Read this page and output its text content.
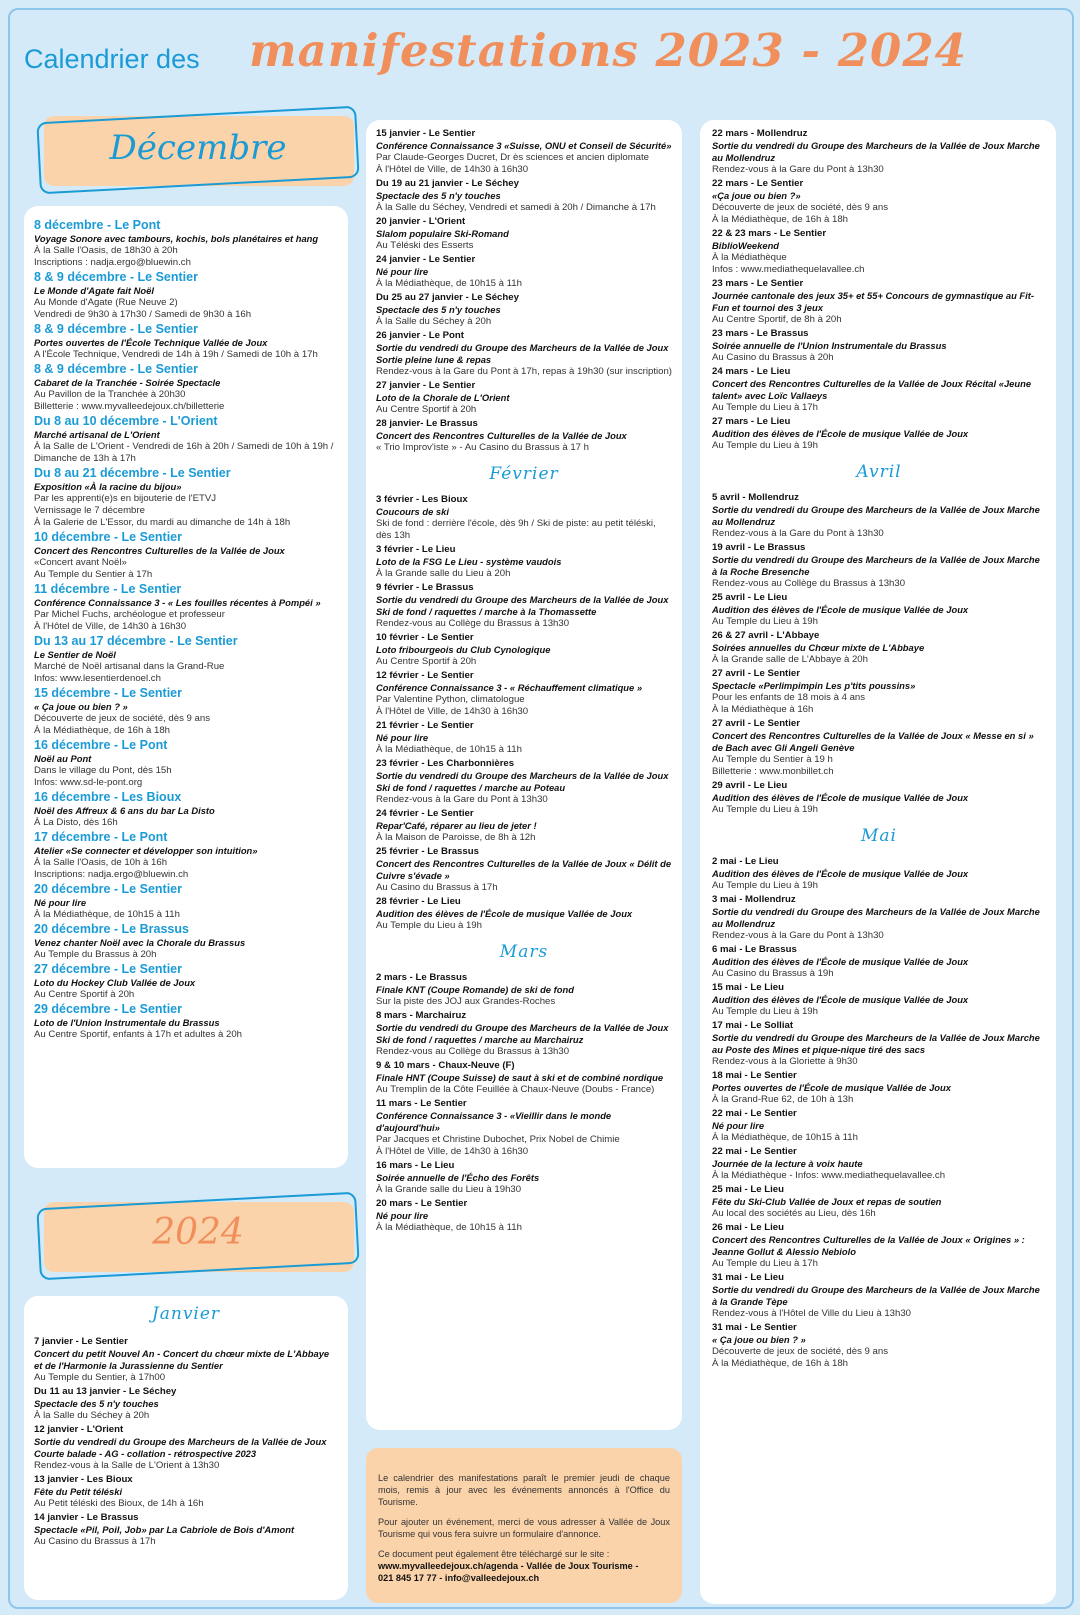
Calendrier des manifestations 2023 - 2024
Décembre
8 décembre - Le Pont
Voyage Sonore avec tambours, kochis, bols planétaires et hang
À la Salle l'Oasis, de 18h30 à 20h
Inscriptions : nadja.ergo@bluewin.ch
8 & 9 décembre - Le Sentier
Le Monde d'Agate fait Noël
Au Monde d'Agate (Rue Neuve 2)
Vendredi de 9h30 à 17h30 / Samedi de 9h30 à 16h
8 & 9 décembre - Le Sentier
Portes ouvertes de l'École Technique Vallée de Joux
A l'École Technique, Vendredi de 14h à 19h / Samedi de 10h à 17h
8 & 9 décembre - Le Sentier
Cabaret de la Tranchée - Soirée Spectacle
Au Pavillon de la Tranchée à 20h30
Billetterie : www.myvalleedejoux.ch/billetterie
Du 8 au 10 décembre - L'Orient
Marché artisanal de L'Orient
À la Salle de L'Orient - Vendredi de 16h à 20h / Samedi de 10h à 19h /
Dimanche de 13h à 17h
Du 8 au 21 décembre - Le Sentier
Exposition «À la racine du bijou»
Par les apprenti(e)s en bijouterie de l'ETVJ
Vernissage le 7 décembre
À la Galerie de L'Essor, du mardi au dimanche de 14h à 18h
10 décembre - Le Sentier
Concert des Rencontres Culturelles de la Vallée de Joux
«Concert avant Noël»
Au Temple du Sentier à 17h
11 décembre - Le Sentier
Conférence Connaissance 3 - « Les fouilles récentes à Pompéi »
Par Michel Fuchs, archéologue et professeur
À l'Hôtel de Ville, de 14h30 à 16h30
Du 13 au 17 décembre - Le Sentier
Le Sentier de Noël
Marché de Noël artisanal dans la Grand-Rue
Infos: www.lesentierdenoel.ch
15 décembre - Le Sentier
« Ça joue ou bien ? »
Découverte de jeux de société, dès 9 ans
À la Médiathèque, de 16h à 18h
16 décembre - Le Pont
Noël au Pont
Dans le village du Pont, dès 15h
Infos: www.sd-le-pont.org
16 décembre - Les Bioux
Noël des Affreux & 6 ans du bar La Disto
À La Disto, dès 16h
17 décembre - Le Pont
Atelier «Se connecter et développer son intuition»
À la Salle l'Oasis, de 10h à 16h
Inscriptions: nadja.ergo@bluewin.ch
20 décembre - Le Sentier
Né pour lire
À la Médiathèque, de 10h15 à 11h
20 décembre - Le Brassus
Venez chanter Noël avec la Chorale du Brassus
Au Temple du Brassus à 20h
27 décembre - Le Sentier
Loto du Hockey Club Vallée de Joux
Au Centre Sportif à 20h
29 décembre - Le Sentier
Loto de l'Union Instrumentale du Brassus
Au Centre Sportif, enfants à 17h et adultes à 20h
2024
Janvier
7 janvier - Le Sentier
Concert du petit Nouvel An - Concert du chœur mixte de L'Abbaye et de l'Harmonie la Jurassienne du Sentier
Au Temple du Sentier, à 17h00
Du 11 au 13 janvier - Le Séchey
Spectacle des 5 n'y touches
À la Salle du Séchey à 20h
12 janvier - L'Orient
Sortie du vendredi du Groupe des Marcheurs de la Vallée de Joux Courte balade - AG - collation - rétrospective 2023
Rendez-vous à la Salle de L'Orient à 13h30
13 janvier - Les Bioux
Fête du Petit téléski
Au Petit téléski des Bioux, de 14h à 16h
14 janvier - Le Brassus
Spectacle «Pil, Poil, Job» par La Cabriole de Bois d'Amont
Au Casino du Brassus à 17h
15 janvier - Le Sentier
Conférence Connaissance 3 «Suisse, ONU et Conseil de Sécurité»
Par Claude-Georges Ducret, Dr ès sciences et ancien diplomate
À l'Hôtel de Ville, de 14h30 à 16h30
Du 19 au 21 janvier - Le Séchey
Spectacle des 5 n'y touches
À la Salle du Séchey, Vendredi et samedi à 20h / Dimanche à 17h
20 janvier - L'Orient
Slalom populaire Ski-Romand
Au Téléski des Esserts
24 janvier - Le Sentier
Né pour lire
À la Médiathèque, de 10h15 à 11h
Du 25 au 27 janvier - Le Séchey
Spectacle des 5 n'y touches
À la Salle du Séchey à 20h
26 janvier - Le Pont
Sortie du vendredi du Groupe des Marcheurs de la Vallée de Joux Sortie pleine lune & repas
Rendez-vous à la Gare du Pont à 17h, repas à 19h30 (sur inscription)
27 janvier - Le Sentier
Loto de la Chorale de L'Orient
Au Centre Sportif à 20h
28 janvier- Le Brassus
Concert des Rencontres Culturelles de la Vallée de Joux
« Trio Improv'iste » - Au Casino du Brassus à 17 h
Février
3 février - Les Bioux
Coucours de ski
Ski de fond : derrière l'école, dès 9h / Ski de piste: au petit téléski, dès 13h
3 février - Le Lieu
Loto de la FSG Le Lieu - système vaudois
À la Grande salle du Lieu à 20h
9 février - Le Brassus
Sortie du vendredi du Groupe des Marcheurs de la Vallée de Joux Ski de fond / raquettes / marche à la Thomassette
Rendez-vous au Collège du Brassus à 13h30
10 février - Le Sentier
Loto fribourgeois du Club Cynologique
Au Centre Sportif à 20h
12 février - Le Sentier
Conférence Connaissance 3 - « Réchauffement climatique »
Par Valentine Python, climatologue
À l'Hôtel de Ville, de 14h30 à 16h30
21 février - Le Sentier
Né pour lire
À la Médiathèque, de 10h15 à 11h
23 février - Les Charbonnières
Sortie du vendredi du Groupe des Marcheurs de la Vallée de Joux Ski de fond / raquettes / marche au Poteau
Rendez-vous à la Gare du Pont à 13h30
24 février - Le Sentier
Repar'Café, réparer au lieu de jeter !
À la Maison de Paroisse, de 8h à 12h
25 février - Le Brassus
Concert des Rencontres Culturelles de la Vallée de Joux « Délit de Cuivre s'évade »
Au Casino du Brassus à 17h
28 février - Le Lieu
Audition des élèves de l'École de musique Vallée de Joux
Au Temple du Lieu à 19h
Mars
2 mars - Le Brassus
Finale KNT (Coupe Romande) de ski de fond
Sur la piste des JOJ aux Grandes-Roches
8 mars - Marchairuz
Sortie du vendredi du Groupe des Marcheurs de la Vallée de Joux Ski de fond / raquettes / marche au Marchairuz
Rendez-vous au Collège du Brassus à 13h30
9 & 10 mars - Chaux-Neuve (F)
Finale HNT (Coupe Suisse) de saut à ski et de combiné nordique
Au Tremplin de la Côte Feuillée à Chaux-Neuve (Doubs - France)
11 mars - Le Sentier
Conférence Connaissance 3 - «Vieillir dans le monde d'aujourd'hui»
Par Jacques et Christine Dubochet, Prix Nobel de Chimie
À l'Hôtel de Ville, de 14h30 à 16h30
16 mars - Le Lieu
Soirée annuelle de l'Écho des Forêts
À la Grande salle du Lieu à 19h30
20 mars - Le Sentier
Né pour lire
À la Médiathèque, de 10h15 à 11h

Le calendrier des manifestations paraît le premier jeudi de chaque mois, remis à jour avec les événements annoncés à l'Office du Tourisme.

Pour ajouter un événement, merci de vous adresser à Vallée de Joux Tourisme qui vous fera suivre un formulaire d'annonce.

Ce document peut également être téléchargé sur le site :
www.myvalleedejoux.ch/agenda - Vallée de Joux Tourisme -
021 845 17 77 - info@valleedejoux.ch

22 mars - Mollendruz
Sortie du vendredi du Groupe des Marcheurs de la Vallée de Joux Marche au Mollendruz
Rendez-vous à la Gare du Pont à 13h30
22 mars - Le Sentier
«Ça joue ou bien ?»
Découverte de jeux de société, dès 9 ans
À la Médiathèque, de 16h à 18h
22 & 23 mars - Le Sentier
BiblioWeekend
À la Médiathèque
Infos : www.mediathequelavallee.ch
23 mars - Le Sentier
Journée cantonale des jeux 35+ et 55+ Concours de gymnastique au Fit-Fun et tournoi des 3 jeux
Au Centre Sportif, de 8h à 20h
23 mars - Le Brassus
Soirée annuelle de l'Union Instrumentale du Brassus
Au Casino du Brassus à 20h
24 mars - Le Lieu
Concert des Rencontres Culturelles de la Vallée de Joux Récital «Jeune talent» avec Loïc Vallaeys
Au Temple du Lieu à 17h
27 mars - Le Lieu
Audition des élèves de l'École de musique Vallée de Joux
Au Temple du Lieu à 19h
Avril
5 avril - Mollendruz
Sortie du vendredi du Groupe des Marcheurs de la Vallée de Joux Marche au Mollendruz
Rendez-vous à la Gare du Pont à 13h30
19 avril - Le Brassus
Sortie du vendredi du Groupe des Marcheurs de la Vallée de Joux Marche à la Roche Bresenche
Rendez-vous au Collège du Brassus à 13h30
25 avril - Le Lieu
Audition des élèves de l'École de musique Vallée de Joux
Au Temple du Lieu à 19h
26 & 27 avril - L'Abbaye
Soirées annuelles du Chœur mixte de L'Abbaye
À la Grande salle de L'Abbaye à 20h
27 avril - Le Sentier
Spectacle «Perlimpimpin Les p'tits poussins»
Pour les enfants de 18 mois à 4 ans
À la Médiathèque à 16h
27 avril - Le Sentier
Concert des Rencontres Culturelles de la Vallée de Joux « Messe en si » de Bach avec Gli Angeli Genève
Au Temple du Sentier à 19 h
Billetterie : www.monbillet.ch
29 avril - Le Lieu
Audition des élèves de l'École de musique Vallée de Joux
Au Temple du Lieu à 19h
Mai
2 mai - Le Lieu
Audition des élèves de l'École de musique Vallée de Joux
Au Temple du Lieu à 19h
3 mai - Mollendruz
Sortie du vendredi du Groupe des Marcheurs de la Vallée de Joux Marche au Mollendruz
Rendez-vous à la Gare du Pont à 13h30
6 mai - Le Brassus
Audition des élèves de l'École de musique Vallée de Joux
Au Casino du Brassus à 19h
15 mai - Le Lieu
Audition des élèves de l'École de musique Vallée de Joux
Au Temple du Lieu à 19h
17 mai - Le Solliat
Sortie du vendredi du Groupe des Marcheurs de la Vallée de Joux Marche au Poste des Mines et pique-nique tiré des sacs
Rendez-vous à la Gloriette à 9h30
18 mai - Le Sentier
Portes ouvertes de l'École de musique Vallée de Joux
À la Grand-Rue 62, de 10h à 13h
22 mai - Le Sentier
Né pour lire
À la Médiathèque, de 10h15 à 11h
22 mai - Le Sentier
Journée de la lecture à voix haute
À la Médiathèque - Infos: www.mediathequelavallee.ch
25 mai - Le Lieu
Fête du Ski-Club Vallée de Joux et repas de soutien
Au local des sociétés au Lieu, dès 16h
26 mai - Le Lieu
Concert des Rencontres Culturelles de la Vallée de Joux « Origines » : Jeanne Gollut & Alessio Nebiolo
Au Temple du Lieu à 17h
31 mai - Le Lieu
Sortie du vendredi du Groupe des Marcheurs de la Vallée de Joux Marche à la Grande Tèpe
Rendez-vous à l'Hôtel de Ville du Lieu à 13h30
31 mai - Le Sentier
« Ça joue ou bien ? »
Découverte de jeux de société, dès 9 ans
À la Médiathèque, de 16h à 18h
